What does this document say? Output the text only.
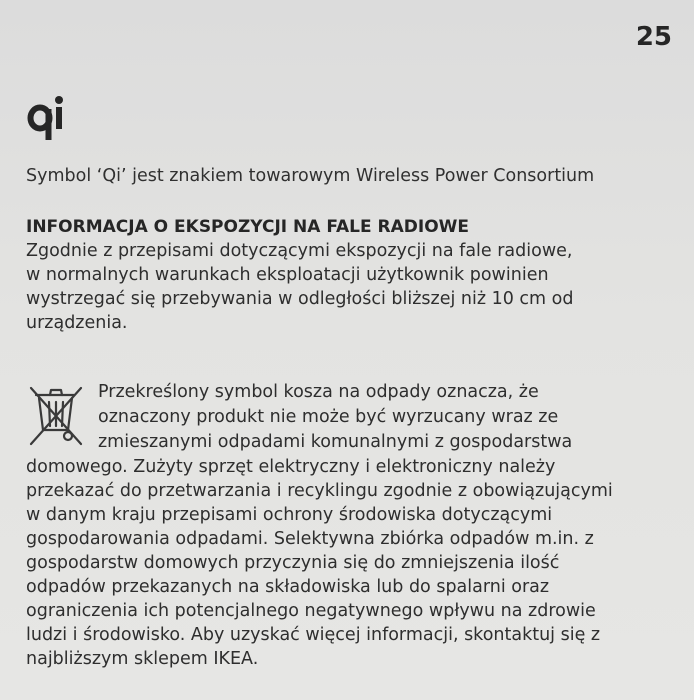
25

Symbol ‘Qi’ jest znakiem towarowym Wireless Power Consortium

INFORMACJA O EKSPOZYCJI NA FALE RADIOWE

Zgodnie z przepisami dotyczącymi ekspozycji na fale radiowe,
w normalnych warunkach eksploatacji użytkownik powinien
wystrzegać się przebywania w odległości bliższej niż 10 cm od
urządzenia.

Przekreślony symbol kosza na odpady oznacza, że
oznaczony produkt nie może być wyrzucany wraz ze
zmieszanymi odpadami komunalnymi z gospodarstwa

domowego. Zużyty sprzęt elektryczny i elektroniczny należy
przekazać do przetwarzania i recyklingu zgodnie z obowiązującymi
w danym kraju przepisami ochrony środowiska dotyczącymi
gospodarowania odpadami. Selektywna zbiórka odpadów m.in. z
gospodarstw domowych przyczynia się do zmniejszenia ilość
odpadów przekazanych na składowiska lub do spalarni oraz
ograniczenia ich potencjalnego negatywnego wpływu na zdrowie
ludzi i środowisko. Aby uzyskać więcej informacji, skontaktuj się z
najbliższym sklepem IKEA.
